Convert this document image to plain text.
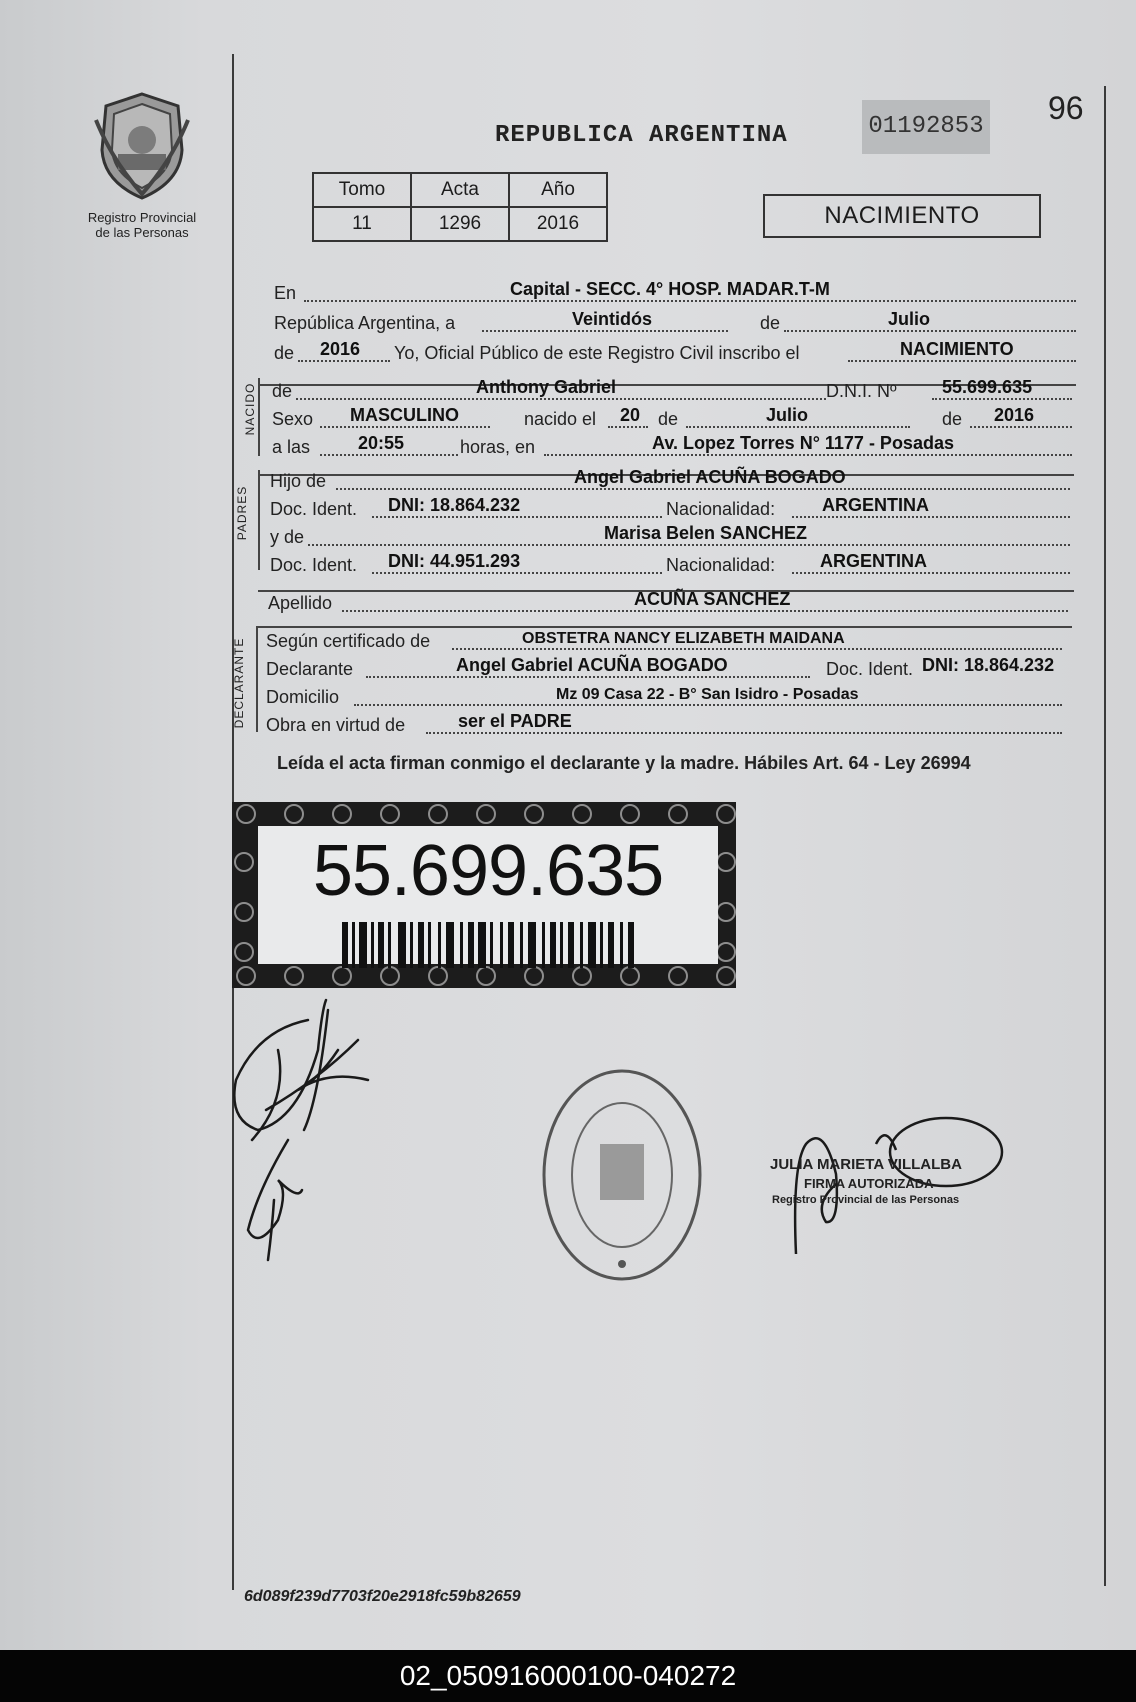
Registro Provincial
de las Personas
REPUBLICA ARGENTINA	01192853
96
Tomo	Acta	Año
11	1296	2016	NACIMIENTO
En	Capital - SECC. 4° HOSP. MADAR.T-M
República Argentina, a	Veintidós	de	Julio
de 2016 Yo, Oficial Público de este Registro Civil inscribo el	NACIMIENTO
NACIDO de	Anthony Gabriel	D.N.I. Nº	55.699.635
Sexo MASCULINO	nacido el 20 de	Julio	de 2016
a las	20:55	horas, en	Av. Lopez Torres N° 1177 - Posadas
PADRES
Hijo de	Angel Gabriel ACUÑA BOGADO
Doc. Ident. DNI: 18.864.232	Nacionalidad:	ARGENTINA
y de	Marisa Belen SANCHEZ
Doc. Ident. DNI: 44.951.293	Nacionalidad: ARGENTINA
Apellido	ACUÑA SANCHEZ
DECLARANTE Según certificado de	OBSTETRA NANCY ELIZABETH MAIDANA
Declarante	Angel Gabriel ACUÑA BOGADO	Doc. Ident. DNI: 18.864.232
Domicilio	Mz 09 Casa 22 - B° San Isidro - Posadas
Obra en virtud de	ser el PADRE
Leída el acta firman conmigo el declarante y la madre. Hábiles Art. 64 - Ley 26994
55.699.635
JULIA MARIETA VILLALBA
FIRMA AUTORIZADA
Registro Provincial de las Personas
6d089f239d7703f20e2918fc59b82659
02_050916000100-040272
